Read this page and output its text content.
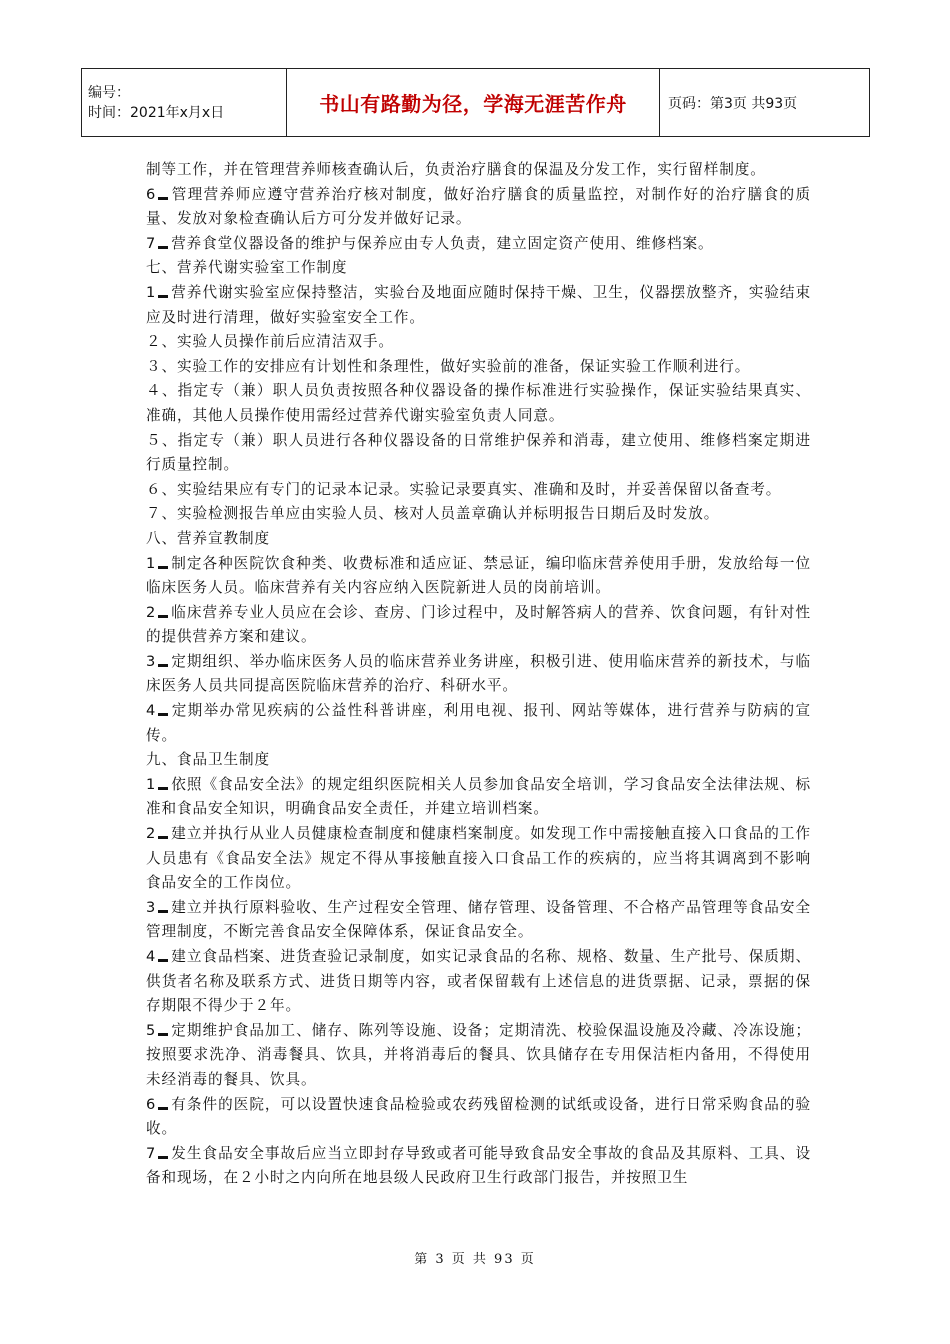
编号：
时间：2021年x月x日	书山有路勤为径，学海无涯苦作舟	页码：第3页 共93页

制等工作，并在管理营养师核查确认后，负责治疗膳食的保温及分发工作，实行留样制度。

6 管理营养师应遵守营养治疗核对制度，做好治疗膳食的质量监控，对制作好的治疗膳食的质量、发放对象检查确认后方可分发并做好记录。

7 营养食堂仪器设备的维护与保养应由专人负责，建立固定资产使用、维修档案。

七、营养代谢实验室工作制度

1 营养代谢实验室应保持整洁，实验台及地面应随时保持干燥、卫生，仪器摆放整齐，实验结束应及时进行清理，做好实验室安全工作。

２、实验人员操作前后应清洁双手。

３、实验工作的安排应有计划性和条理性，做好实验前的准备，保证实验工作顺利进行。

４、指定专（兼）职人员负责按照各种仪器设备的操作标准进行实验操作，保证实验结果真实、准确，其他人员操作使用需经过营养代谢实验室负责人同意。

５、指定专（兼）职人员进行各种仪器设备的日常维护保养和消毒，建立使用、维修档案定期进行质量控制。

６、实验结果应有专门的记录本记录。实验记录要真实、准确和及时，并妥善保留以备查考。

７、实验检测报告单应由实验人员、核对人员盖章确认并标明报告日期后及时发放。

八、营养宣教制度

1 制定各种医院饮食种类、收费标准和适应证、禁忌证，编印临床营养使用手册，发放给每一位临床医务人员。临床营养有关内容应纳入医院新进人员的岗前培训。

2 临床营养专业人员应在会诊、查房、门诊过程中，及时解答病人的营养、饮食问题，有针对性的提供营养方案和建议。

3 定期组织、举办临床医务人员的临床营养业务讲座，积极引进、使用临床营养的新技术，与临床医务人员共同提高医院临床营养的治疗、科研水平。

4 定期举办常见疾病的公益性科普讲座，利用电视、报刊、网站等媒体，进行营养与防病的宣传。

九、食品卫生制度

1 依照《食品安全法》的规定组织医院相关人员参加食品安全培训，学习食品安全法律法规、标准和食品安全知识，明确食品安全责任，并建立培训档案。

2 建立并执行从业人员健康检查制度和健康档案制度。如发现工作中需接触直接入口食品的工作人员患有《食品安全法》规定不得从事接触直接入口食品工作的疾病的，应当将其调离到不影响食品安全的工作岗位。

3 建立并执行原料验收、生产过程安全管理、储存管理、设备管理、不合格产品管理等食品安全管理制度，不断完善食品安全保障体系，保证食品安全。

4 建立食品档案、进货查验记录制度，如实记录食品的名称、规格、数量、生产批号、保质期、供货者名称及联系方式、进货日期等内容，或者保留载有上述信息的进货票据、记录，票据的保存期限不得少于２年。

5 定期维护食品加工、储存、陈列等设施、设备；定期清洗、校验保温设施及冷藏、冷冻设施；按照要求洗净、消毒餐具、饮具，并将消毒后的餐具、饮具储存在专用保洁柜内备用，不得使用未经消毒的餐具、饮具。

6 有条件的医院，可以设置快速食品检验或农药残留检测的试纸或设备，进行日常采购食品的验收。

7 发生食品安全事故后应当立即封存导致或者可能导致食品安全事故的食品及其原料、工具、设备和现场，在２小时之内向所在地县级人民政府卫生行政部门报告，并按照卫生

第 3 页 共 93 页
